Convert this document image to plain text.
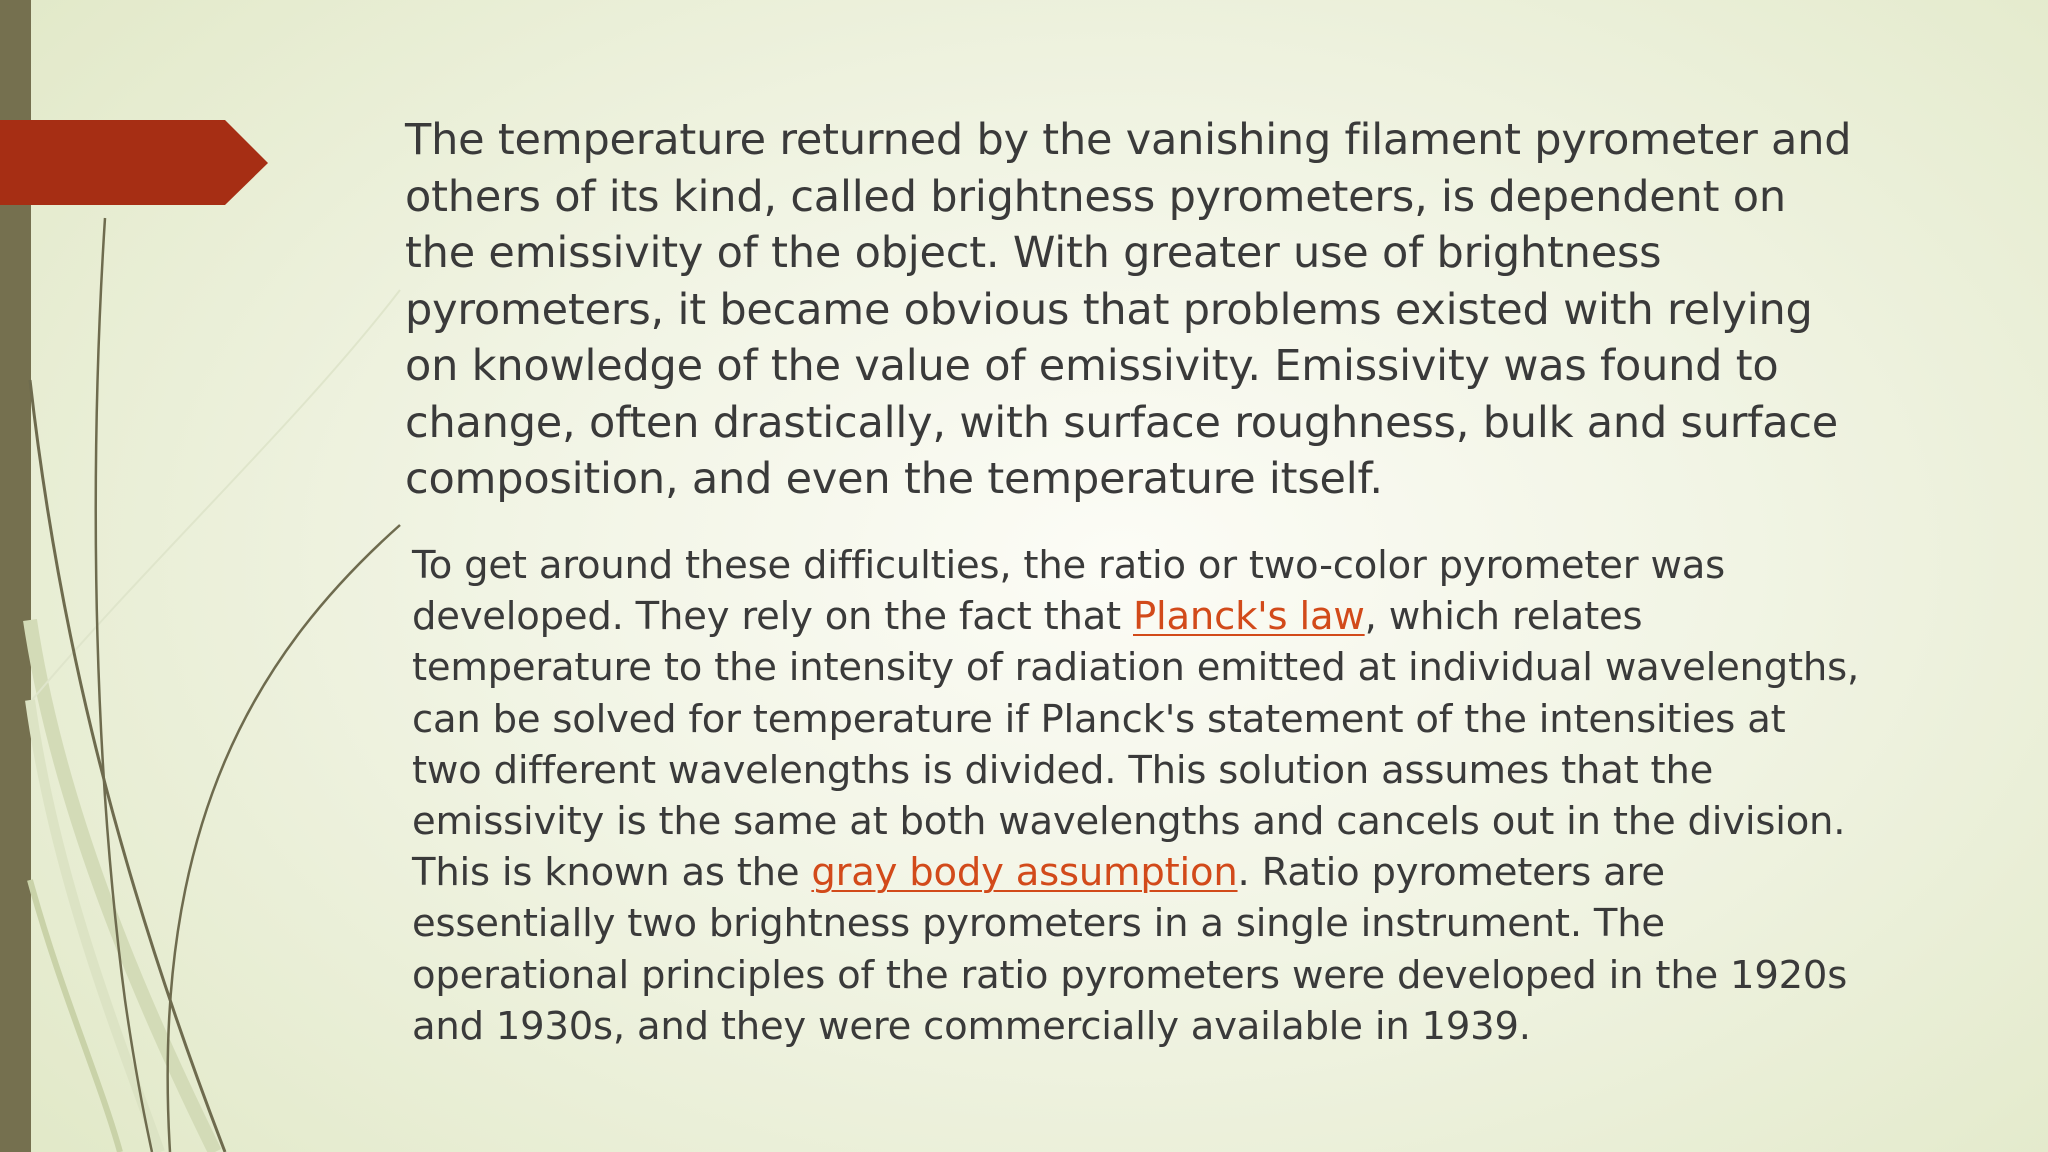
The temperature returned by the vanishing filament pyrometer and others of its kind, called brightness pyrometers, is dependent on the emissivity of the object. With greater use of brightness pyrometers, it became obvious that problems existed with relying on knowledge of the value of emissivity. Emissivity was found to change, often drastically, with surface roughness, bulk and surface composition, and even the temperature itself.

To get around these difficulties, the ratio or two-color pyrometer was developed. They rely on the fact that Planck's law, which relates temperature to the intensity of radiation emitted at individual wavelengths, can be solved for temperature if Planck's statement of the intensities at two different wavelengths is divided. This solution assumes that the emissivity is the same at both wavelengths and cancels out in the division. This is known as the gray body assumption. Ratio pyrometers are essentially two brightness pyrometers in a single instrument. The operational principles of the ratio pyrometers were developed in the 1920s and 1930s, and they were commercially available in 1939.
